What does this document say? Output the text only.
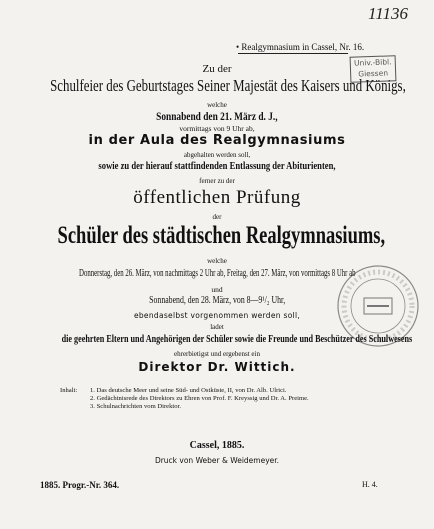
11136
• Realgymnasium in Cassel, Nr. 16.
Univ.-Bibl.
Giessen
Zu der
Schulfeier des Geburtstages Seiner Majestät des Kaisers und Königs,
welche
Sonnabend den 21. März d. J.,
vormittags von 9 Uhr ab,
in der Aula des Realgymnasiums
abgehalten werden soll,
sowie zu der hierauf stattfindenden Entlassung der Abiturienten,
ferner zu der
öffentlichen Prüfung
der
Schüler des städtischen Realgymnasiums,
welche
Donnerstag, den 26. März, von nachmittags 2 Uhr ab, Freitag, den 27. März, von vormittags 8 Uhr ab
und
Sonnabend, den 28. März, von 8—9¹/₂ Uhr,
ebendaselbst vorgenommen werden soll,
ladet
die geehrten Eltern und Angehörigen der Schüler sowie die Freunde und Beschützer des Schulwesens
ehrerbietigst und ergebenst ein
Direktor Dr. Wittich.
Inhalt: 1. Das deutsche Meer und seine Süd- und Ostküste, II, von Dr. Alb. Ulrici.
2. Gedächtnisrede des Direktors zu Ehren von Prof. F. Kreyssig und Dr. A. Preime.
3. Schulnachrichten vom Direktor.
Cassel, 1885.
Druck von Weber & Weidemeyer.
1885. Progr.-Nr. 364.	H. 4.
